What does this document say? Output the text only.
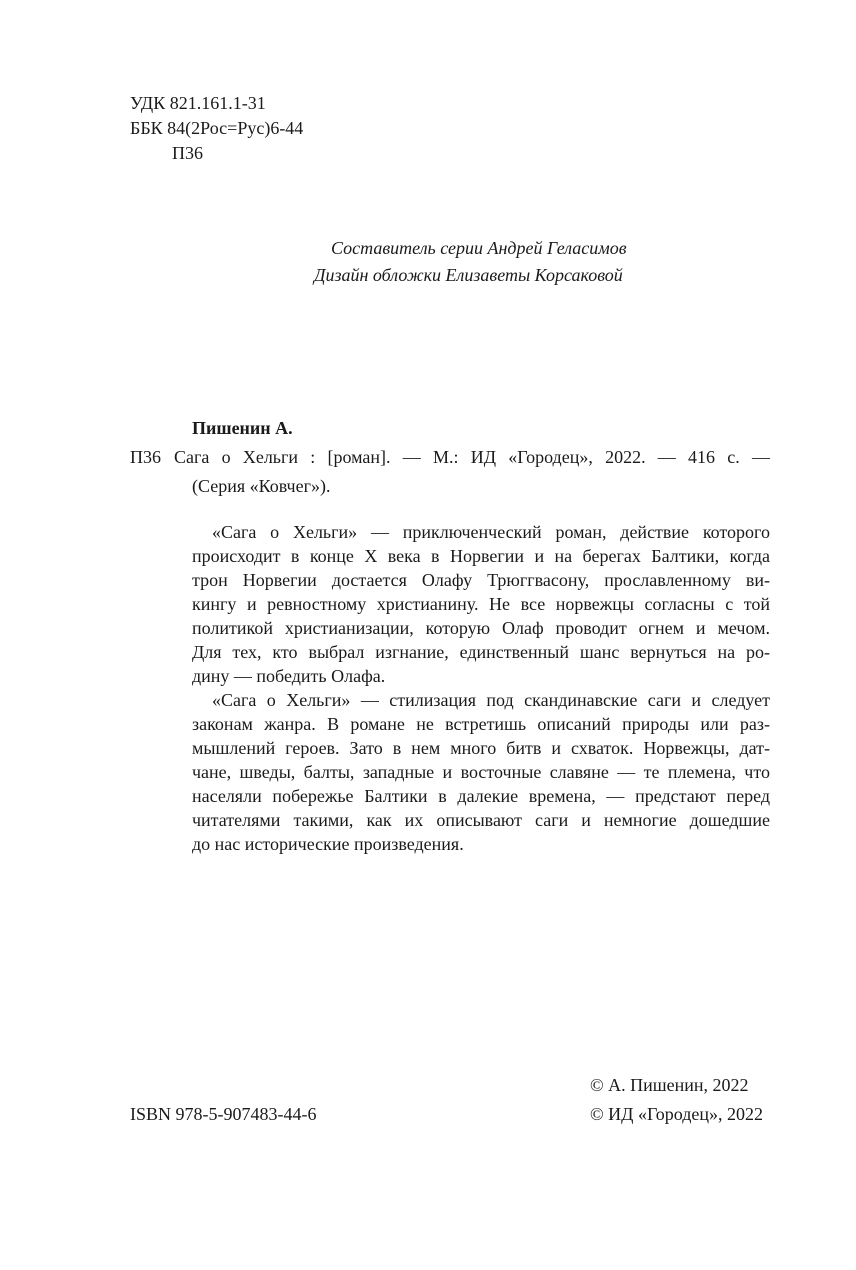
УДК 821.161.1-31
ББК 84(2Рос=Рус)6-44
П36
Составитель серии Андрей Геласимов
Дизайн обложки Елизаветы Корсаковой
Пишенин А.
П36 Сага о Хельги : [роман]. — М.: ИД «Городец», 2022. — 416 с. —
(Серия «Ковчег»).
«Сага о Хельги» — приключенческий роман, действие которого
происходит в конце X века в Норвегии и на берегах Балтики, когда
трон Норвегии достается Олафу Трюггвасону, прославленному ви-
кингу и ревностному христианину. Не все норвежцы согласны с той
политикой христианизации, которую Олаф проводит огнем и мечом.
Для тех, кто выбрал изгнание, единственный шанс вернуться на ро-
дину — победить Олафа.
«Сага о Хельги» — стилизация под скандинавские саги и следует
законам жанра. В романе не встретишь описаний природы или раз-
мышлений героев. Зато в нем много битв и схваток. Норвежцы, дат-
чане, шведы, балты, западные и восточные славяне — те племена, что
населяли побережье Балтики в далекие времена, — предстают перед
читателями такими, как их описывают саги и немногие дошедшие
до нас исторические произведения.
© А. Пишенин, 2022
ISBN 978-5-907483-44-6	© ИД «Городец», 2022
